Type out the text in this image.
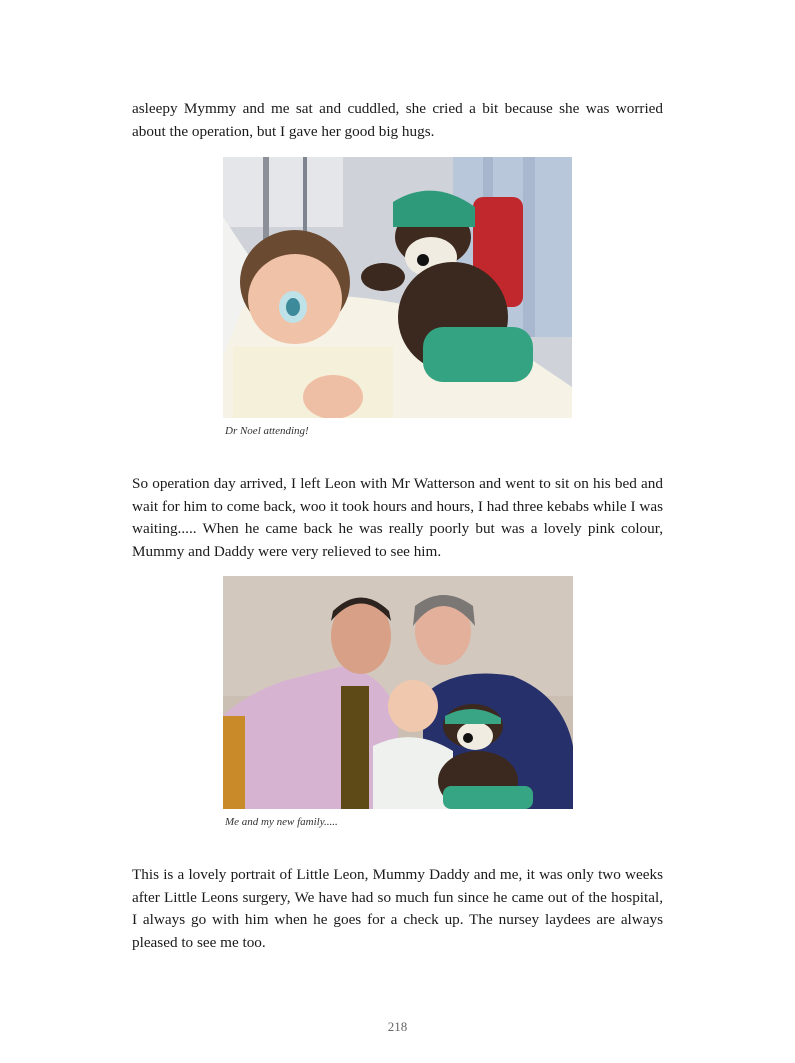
asleepy Mymmy and me sat and cuddled, she cried a bit because she was worried about the operation, but I gave her good big hugs.

Dr Noel attending!

So operation day arrived, I left Leon with Mr Watterson and went to sit on his bed and wait for him to come back, woo it took hours and hours, I had three kebabs while I was waiting..... When he came back he was really poorly but was a lovely pink colour, Mummy and Daddy were very relieved to see him.

Me and my new family.....

This is a lovely portrait of Little Leon, Mummy Daddy and me, it was only two weeks after Little Leons surgery, We have had so much fun since he came out of the hospital, I always go with him when he goes for a check up. The nursey laydees are always pleased to see me too.

218
